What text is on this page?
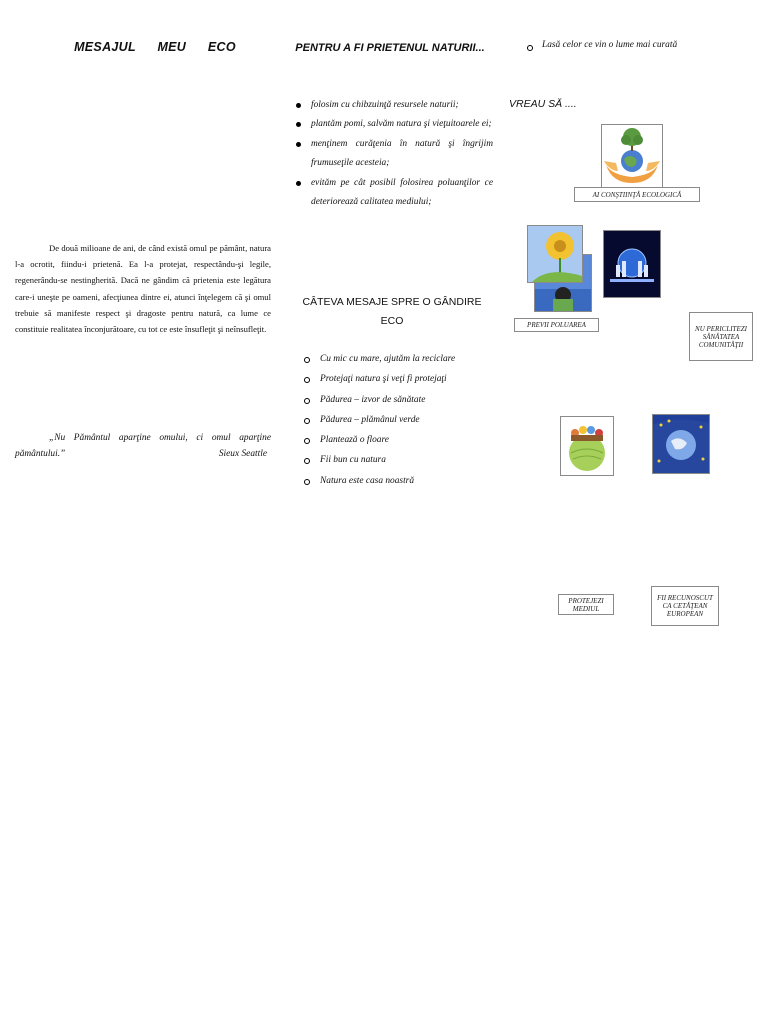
MESAJUL MEU ECO
De două milioane de ani, de când există omul pe pământ, natura l-a ocrotit, fiindu-i prietenă. Ea l-a protejat, respectându-şi legile, regenerându-se nestingherită. Dacă ne gândim că prietenia este legătura care-i uneşte pe oameni, afecţiunea dintre ei, atunci înţelegem că şi omul trebuie să manifeste respect şi dragoste pentru natură, ca lume ce constituie realitatea înconjurătoare, cu tot ce este însufleţit şi neînsufleţit.
„Nu Pământul aparţine omului, ci omul aparţine pământului.”	Sieux Seattle
PENTRU A FI PRIETENUL NATURII...
folosim cu chibzuinţă resursele naturii;
plantăm pomi, salvăm natura şi vieţuitoarele ei;
menţinem curăţenia în natură şi îngrijim frumuseţile acesteia;
evităm pe cât posibil folosirea poluanţilor ce deteriorează calitatea mediului;
CÂTEVA MESAJE SPRE O GÂNDIRE ECO
Cu mic cu mare, ajutăm la reciclare
Protejaţi natura şi veţi fi protejaţi
Pădurea – izvor de sănătate
Pădurea – plămânul verde
Plantează o floare
Fii bun cu natura
Natura este casa noastră
Lasă celor ce vin o lume mai curată
VREAU SĂ ....
AI CONŞTIINŢĂ ECOLOGICĂ
PREVII POLUAREA	NU PERICLITEZI SĂNĂTATEA COMUNITĂŢII
PROTEJEZI MEDIUL
FII RECUNOSCUT CA CETĂŢEAN EUROPEAN
